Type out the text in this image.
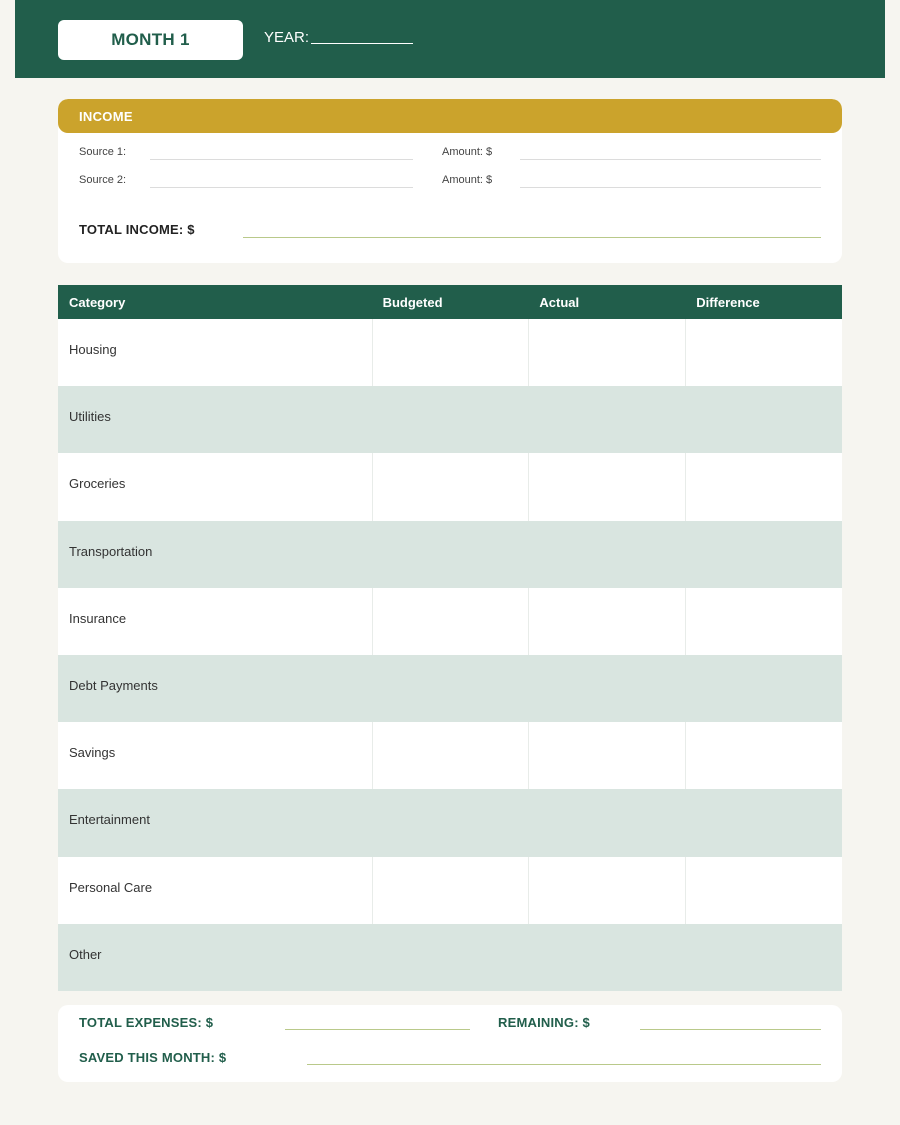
MONTH 1	YEAR:
INCOME
Source 1:	Amount: $
Source 2:	Amount: $
TOTAL INCOME: $
Category	Budgeted	Actual	Difference
Housing
Utilities
Groceries
Transportation
Insurance
Debt Payments
Savings
Entertainment
Personal Care
Other
TOTAL EXPENSES: $	REMAINING: $
SAVED THIS MONTH: $
